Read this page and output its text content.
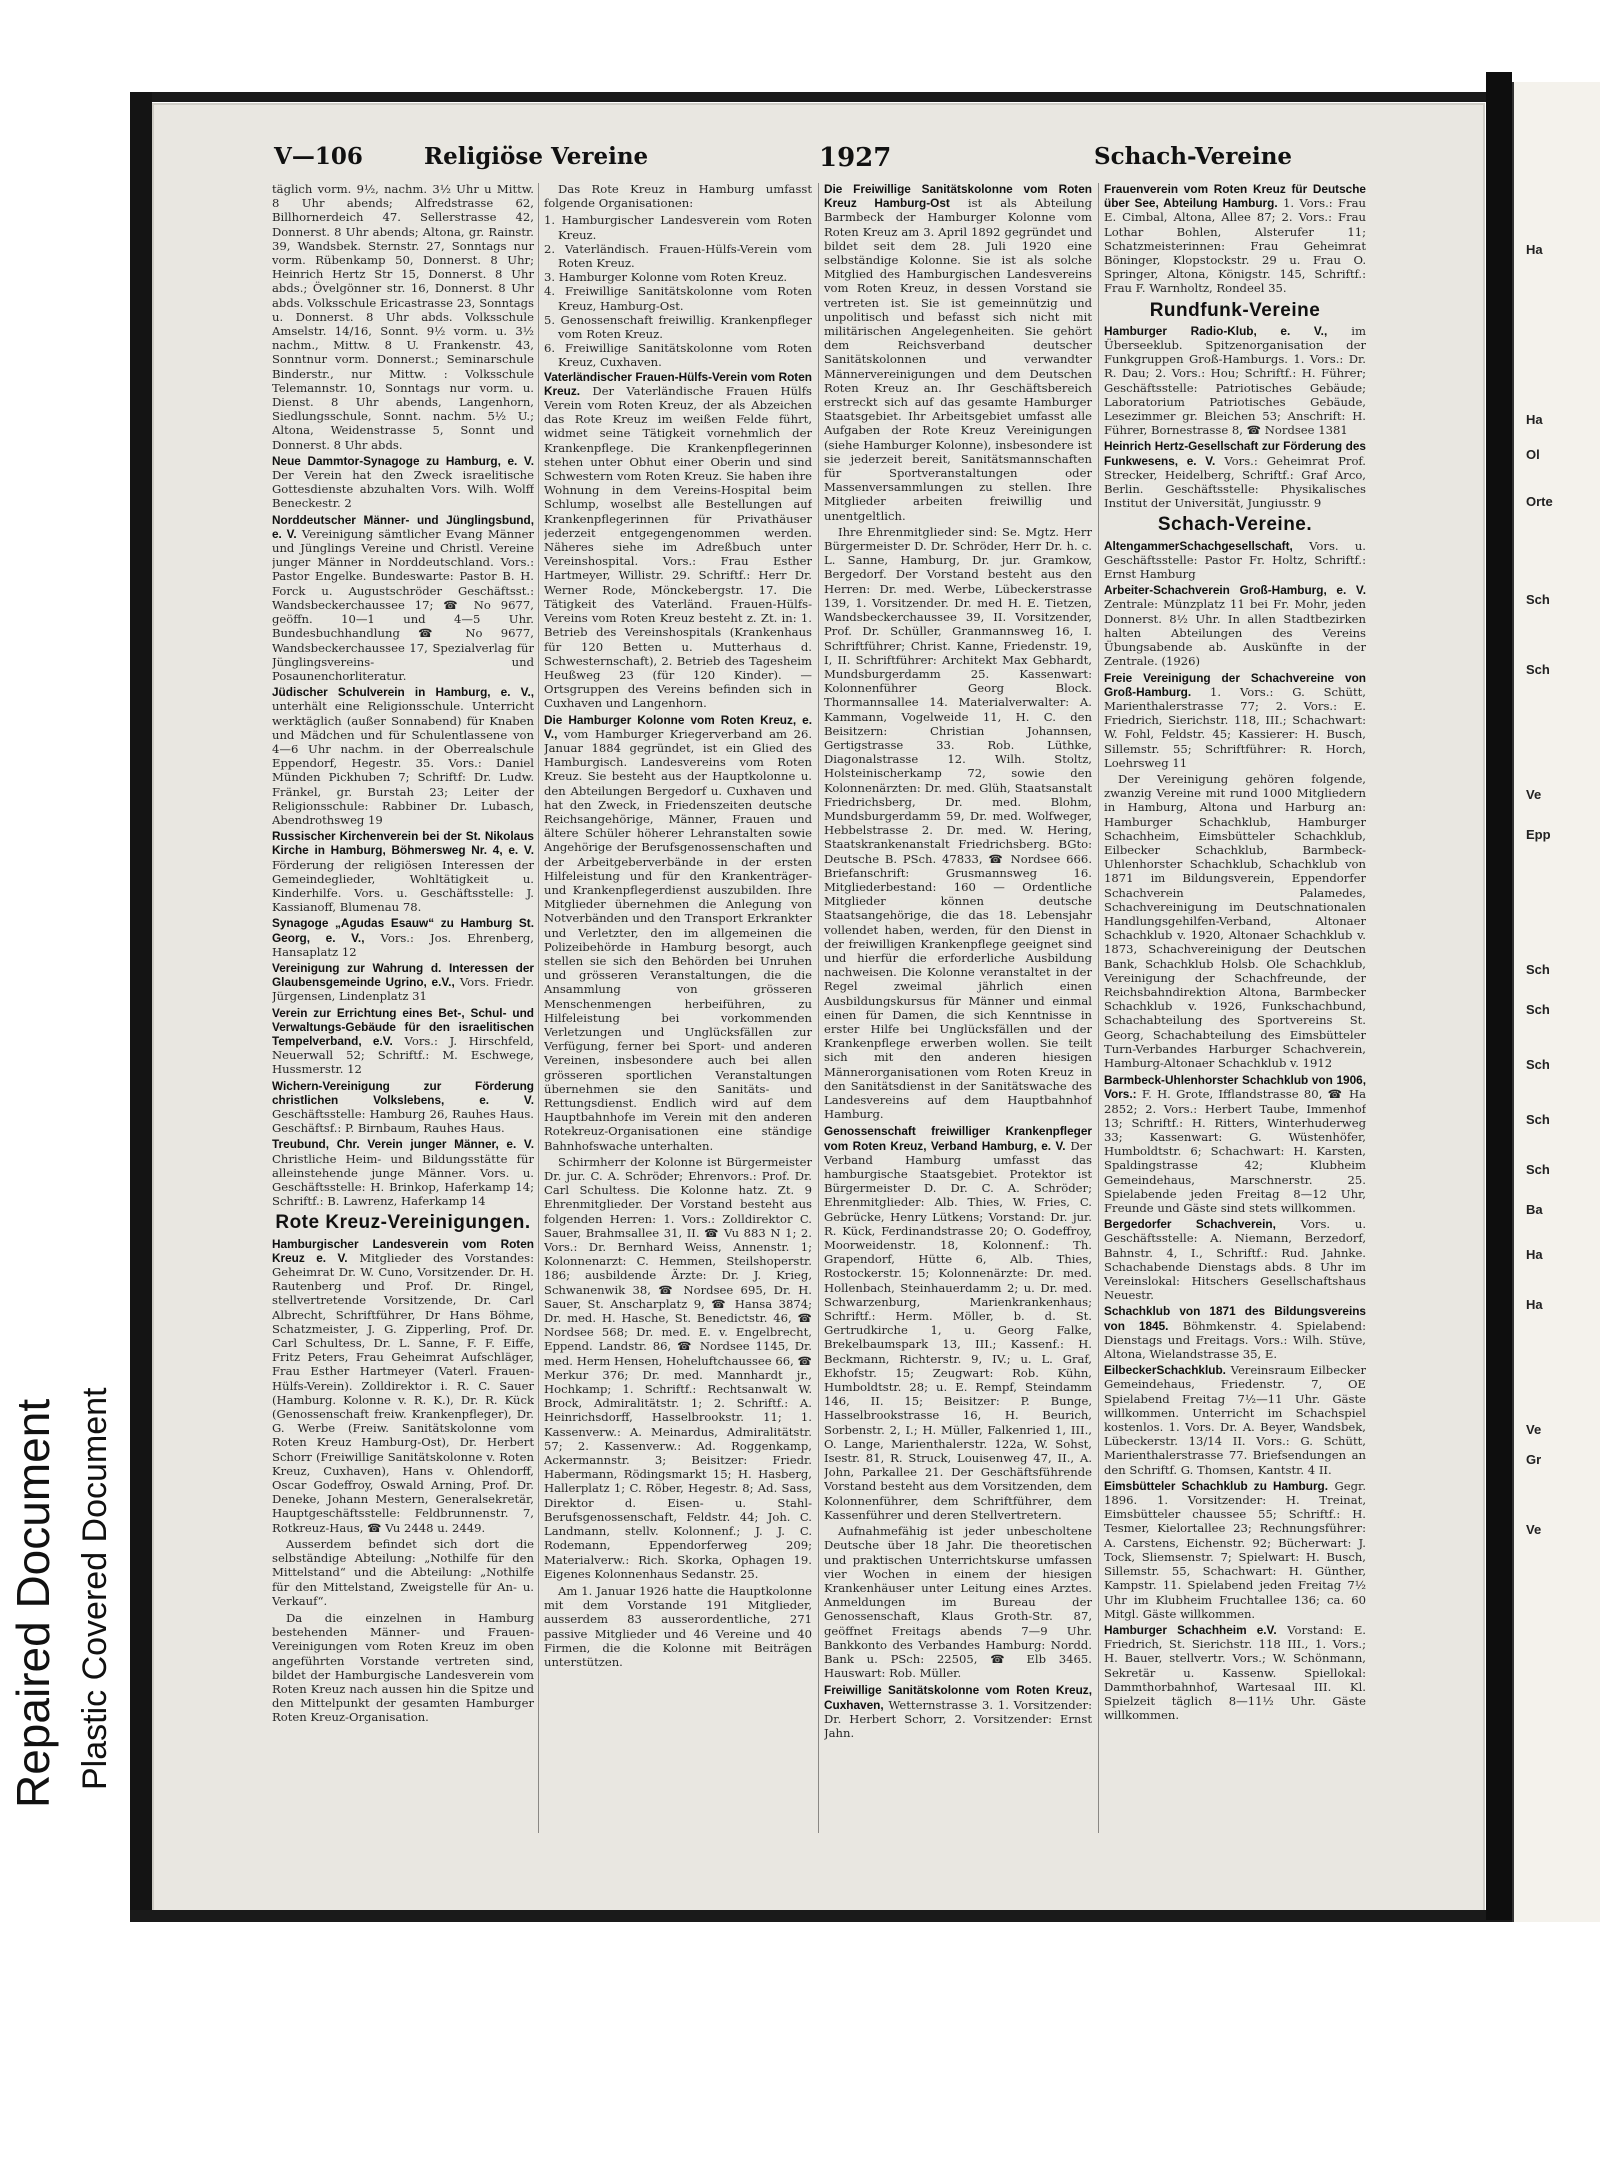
V—106	Religiöse Vereine	1927	Schach-Vereine

täglich vorm. 9½, nachm. 3½ Uhr u Mittw. 8 Uhr abends; Alfredstrasse 62, Billhornerdeich 47. Sellerstrasse 42, Donnerst. 8 Uhr abends; Altona, gr. Rainstr. 39, Wandsbek. Sternstr. 27, Sonntags nur vorm. Rübenkamp 50, Donnerst. 8 Uhr; Heinrich Hertz Str 15, Donnerst. 8 Uhr abds.; Övelgönner str. 16, Donnerst. 8 Uhr abds. Volksschule Ericastrasse 23, Sonntags u. Donnerst. 8 Uhr abds. Volksschule Amselstr. 14/16, Sonnt. 9½ vorm. u. 3½ nachm., Mittw. 8 U. Frankenstr. 43, Sonntnur vorm. Donnerst.; Seminarschule Binderstr., nur Mittw. : Volksschule Telemannstr. 10, Sonntags nur vorm. u. Dienst. 8 Uhr abends, Langenhorn, Siedlungsschule, Sonnt. nachm. 5½ U.; Altona, Weidenstrasse 5, Sonnt und Donnerst. 8 Uhr abds.

Neue Dammtor-Synagoge zu Hamburg, e. V. Der Verein hat den Zweck israelitische Gottesdienste abzuhalten Vors. Wilh. Wolff Beneckestr. 2

Norddeutscher Männer- und Jünglingsbund, e. V. Vereinigung sämtlicher Evang Männer und Jünglings Vereine und Christl. Vereine junger Männer in Norddeutschland. Vors.: Pastor Engelke. Bundeswarte: Pastor B. H. Forck u. Augustschröder Geschäftsst.: Wandsbeckerchaussee 17; ☎ No 9677, geöffn. 10—1 und 4—5 Uhr. Bundesbuchhandlung ☎ No 9677, Wandsbeckerchaussee 17, Spezialverlag für Jünglingsvereins- und Posaunenchorliteratur.

Jüdischer Schulverein in Hamburg, e. V., unterhält eine Religionsschule. Unterricht werktäglich (außer Sonnabend) für Knaben und Mädchen und für Schulentlassene von 4—6 Uhr nachm. in der Oberrealschule Eppendorf, Hegestr. 35. Vors.: Daniel Münden Pickhuben 7; Schriftf: Dr. Ludw. Fränkel, gr. Burstah 23; Leiter der Religionsschule: Rabbiner Dr. Lubasch, Abendrothsweg 19

Russischer Kirchenverein bei der St. Nikolaus Kirche in Hamburg, Böhmersweg Nr. 4, e. V. Förderung der religiösen Interessen der Gemeindeglieder, Wohltätigkeit u. Kinderhilfe. Vors. u. Geschäftsstelle: J. Kassianoff, Blumenau 78.

Synagoge „Agudas Esauw“ zu Hamburg St. Georg, e. V., Vors.: Jos. Ehrenberg, Hansaplatz 12

Vereinigung zur Wahrung d. Interessen der Glaubensgemeinde Ugrino, e.V., Vors. Friedr. Jürgensen, Lindenplatz 31

Verein zur Errichtung eines Bet-, Schul- und Verwaltungs-Gebäude für den israelitischen Tempelverband, e.V. Vors.: J. Hirschfeld, Neuerwall 52; Schriftf.: M. Eschwege, Hussmerstr. 12

Wichern-Vereinigung zur Förderung christlichen Volkslebens, e. V. Geschäftsstelle: Hamburg 26, Rauhes Haus. Geschäftsf.: P. Birnbaum, Rauhes Haus.

Treubund, Chr. Verein junger Männer, e. V. Christliche Heim- und Bildungsstätte für alleinstehende junge Männer. Vors. u. Geschäftsstelle: H. Brinkop, Haferkamp 14; Schriftf.: B. Lawrenz, Haferkamp 14

Rote Kreuz-Vereinigungen.

Hamburgischer Landesverein vom Roten Kreuz e. V. Mitglieder des Vorstandes: Geheimrat Dr. W. Cuno, Vorsitzender. Dr. H. Rautenberg und Prof. Dr. Ringel, stellvertretende Vorsitzende, Dr. Carl Albrecht, Schriftführer, Dr Hans Böhme, Schatzmeister, J. G. Zipperling, Prof. Dr. Carl Schultess, Dr. L. Sanne, F. F. Eiffe, Fritz Peters, Frau Geheimrat Aufschläger, Frau Esther Hartmeyer (Vaterl. Frauen-Hülfs-Verein). Zolldirektor i. R. C. Sauer (Hamburg. Kolonne v. R. K.), Dr. R. Kück (Genossenschaft freiw. Krankenpfleger), Dr. G. Werbe (Freiw. Sanitätskolonne vom Roten Kreuz Hamburg-Ost), Dr. Herbert Schorr (Freiwillige Sanitätskolonne v. Roten Kreuz, Cuxhaven), Hans v. Ohlendorff, Oscar Godeffroy, Oswald Arning, Prof. Dr. Deneke, Johann Mestern, Generalsekretär, Hauptgeschäftsstelle: Feldbrunnenstr. 7, Rotkreuz-Haus, ☎ Vu 2448 u. 2449.

Ausserdem befindet sich dort die selbständige Abteilung: „Nothilfe für den Mittelstand“ und die Abteilung: „Nothilfe für den Mittelstand, Zweigstelle für An- u. Verkauf“.

Da die einzelnen in Hamburg bestehenden Männer- und Frauen-Vereinigungen vom Roten Kreuz im oben angeführten Vorstande vertreten sind, bildet der Hamburgische Landesverein vom Roten Kreuz nach aussen hin die Spitze und den Mittelpunkt der gesamten Hamburger Roten Kreuz-Organisation.

Das Rote Kreuz in Hamburg umfasst folgende Organisationen:

1. Hamburgischer Landesverein vom Roten Kreuz.
2. Vaterländisch. Frauen-Hülfs-Verein vom Roten Kreuz.
3. Hamburger Kolonne vom Roten Kreuz.
4. Freiwillige Sanitätskolonne vom Roten Kreuz, Hamburg-Ost.
5. Genossenschaft freiwillig. Krankenpfleger vom Roten Kreuz.
6. Freiwillige Sanitätskolonne vom Roten Kreuz, Cuxhaven.

Vaterländischer Frauen-Hülfs-Verein vom Roten Kreuz. Der Vaterländische Frauen Hülfs Verein vom Roten Kreuz, der als Abzeichen das Rote Kreuz im weißen Felde führt, widmet seine Tätigkeit vornehmlich der Krankenpflege. Die Krankenpflegerinnen stehen unter Obhut einer Oberin und sind Schwestern vom Roten Kreuz. Sie haben ihre Wohnung in dem Vereins-Hospital beim Schlump, woselbst alle Bestellungen auf Krankenpflegerinnen für Privathäuser jederzeit entgegengenommen werden. Näheres siehe im Adreßbuch unter Vereinshospital. Vors.: Frau Esther Hartmeyer, Willistr. 29. Schriftf.: Herr Dr. Werner Rode, Mönckebergstr. 17. Die Tätigkeit des Vaterländ. Frauen-Hülfs-Vereins vom Roten Kreuz besteht z. Zt. in: 1. Betrieb des Vereinshospitals (Krankenhaus für 120 Betten u. Mutterhaus d. Schwesternschaft), 2. Betrieb des Tagesheim Heußweg 23 (für 120 Kinder). — Ortsgruppen des Vereins befinden sich in Cuxhaven und Langenhorn.

Die Hamburger Kolonne vom Roten Kreuz, e. V., vom Hamburger Kriegerverband am 26. Januar 1884 gegründet, ist ein Glied des Hamburgisch. Landesvereins vom Roten Kreuz. Sie besteht aus der Hauptkolonne u. den Abteilungen Bergedorf u. Cuxhaven und hat den Zweck, in Friedenszeiten deutsche Reichsangehörige, Männer, Frauen und ältere Schüler höherer Lehranstalten sowie Angehörige der Berufsgenossenschaften und der Arbeitgeberverbände in der ersten Hilfeleistung und für den Krankenträger- und Krankenpflegerdienst auszubilden. Ihre Mitglieder übernehmen die Anlegung von Notverbänden und den Transport Erkrankter und Verletzter, den im allgemeinen die Polizeibehörde in Hamburg besorgt, auch stellen sie sich den Behörden bei Unruhen und grösseren Veranstaltungen, die die Ansammlung von grösseren Menschenmengen herbeiführen, zu Hilfeleistung bei vorkommenden Verletzungen und Unglücksfällen zur Verfügung, ferner bei Sport- und anderen Vereinen, insbesondere auch bei allen grösseren sportlichen Veranstaltungen übernehmen sie den Sanitäts- und Rettungsdienst. Endlich wird auf dem Hauptbahnhofe im Verein mit den anderen Rotekreuz-Organisationen eine ständige Bahnhofswache unterhalten.

Schirmherr der Kolonne ist Bürgermeister Dr. jur. C. A. Schröder; Ehrenvors.: Prof. Dr. Carl Schultess. Die Kolonne hatz. Zt. 9 Ehrenmitglieder. Der Vorstand besteht aus folgenden Herren: 1. Vors.: Zolldirektor C. Sauer, Brahmsallee 31, II. ☎ Vu 883 N 1; 2. Vors.: Dr. Bernhard Weiss, Annenstr. 1; Kolonnenarzt: C. Hemmen, Steilshoperstr. 186; ausbildende Ärzte: Dr. J. Krieg, Schwanenwik 38, ☎ Nordsee 695, Dr. H. Sauer, St. Anscharplatz 9, ☎ Hansa 3874; Dr. med. H. Hasche, St. Benedictstr. 46, ☎ Nordsee 568; Dr. med. E. v. Engelbrecht, Eppend. Landstr. 86, ☎ Nordsee 1145, Dr. med. Herm Hensen, Hoheluftchaussee 66, ☎ Merkur 376; Dr. med. Mannhardt jr., Hochkamp; 1. Schriftf.: Rechtsanwalt W. Brock, Admiralitätstr. 1; 2. Schriftf.: A. Heinrichsdorff, Hasselbrookstr. 11; 1. Kassenverw.: A. Meinardus, Admiralitätstr. 57; 2. Kassenverw.: Ad. Roggenkamp, Ackermannstr. 3; Beisitzer: Friedr. Habermann, Rödingsmarkt 15; H. Hasberg, Hallerplatz 1; C. Röber, Hegestr. 8; Ad. Sass, Direktor d. Eisen- u. Stahl-Berufsgenossenschaft, Feldstr. 44; Joh. C. Landmann, stellv. Kolonnenf.; J. J. C. Rodemann, Eppendorferweg 209; Materialverw.: Rich. Skorka, Ophagen 19. Eigenes Kolonnenhaus Sedanstr. 25.

Am 1. Januar 1926 hatte die Hauptkolonne mit dem Vorstande 191 Mitglieder, ausserdem 83 ausserordentliche, 271 passive Mitglieder und 46 Vereine und 40 Firmen, die die Kolonne mit Beiträgen unterstützen.

Die Freiwillige Sanitätskolonne vom Roten Kreuz Hamburg-Ost ist als Abteilung Barmbeck der Hamburger Kolonne vom Roten Kreuz am 3. April 1892 gegründet und bildet seit dem 28. Juli 1920 eine selbständige Kolonne. Sie ist als solche Mitglied des Hamburgischen Landesvereins vom Roten Kreuz, in dessen Vorstand sie vertreten ist. Sie ist gemeinnützig und unpolitisch und befasst sich nicht mit militärischen Angelegenheiten. Sie gehört dem Reichsverband deutscher Sanitätskolonnen und verwandter Männervereinigungen und dem Deutschen Roten Kreuz an. Ihr Geschäftsbereich erstreckt sich auf das gesamte Hamburger Staatsgebiet. Ihr Arbeitsgebiet umfasst alle Aufgaben der Rote Kreuz Vereinigungen (siehe Hamburger Kolonne), insbesondere ist sie jederzeit bereit, Sanitätsmannschaften für Sportveranstaltungen oder Massenversammlungen zu stellen. Ihre Mitglieder arbeiten freiwillig und unentgeltlich.

Ihre Ehrenmitglieder sind: Se. Mgtz. Herr Bürgermeister D. Dr. Schröder, Herr Dr. h. c. L. Sanne, Hamburg, Dr. jur. Gramkow, Bergedorf. Der Vorstand besteht aus den Herren: Dr. med. Werbe, Lübeckerstrasse 139, 1. Vorsitzender. Dr. med H. E. Tietzen, Wandsbeckerchaussee 39, II. Vorsitzender, Prof. Dr. Schüller, Granmannsweg 16, I. Schriftführer; Christ. Kanne, Friedenstr. 19, I, II. Schriftführer: Architekt Max Gebhardt, Mundsburgerdamm 25. Kassenwart: Kolonnenführer Georg Block. Thormannsallee 14. Materialverwalter: A. Kammann, Vogelweide 11, H. C. den Beisitzern: Christian Johannsen, Gertigstrasse 33. Rob. Lüthke, Diagonalstrasse 12. Wilh. Stoltz, Holsteinischerkamp 72, sowie den Kolonnenärzten: Dr. med. Glüh, Staatsanstalt Friedrichsberg, Dr. med. Blohm, Mundsburgerdamm 59, Dr. med. Wolfweger, Hebbelstrasse 2. Dr. med. W. Hering, Staatskrankenanstalt Friedrichsberg. BGto: Deutsche B. PSch. 47833, ☎ Nordsee 666. Briefanschrift: Grusmannsweg 16. Mitgliederbestand: 160 — Ordentliche Mitglieder können deutsche Staatsangehörige, die das 18. Lebensjahr vollendet haben, werden, für den Dienst in der freiwilligen Krankenpflege geeignet sind und hierfür die erforderliche Ausbildung nachweisen. Die Kolonne veranstaltet in der Regel zweimal jährlich einen Ausbildungskursus für Männer und einmal einen für Damen, die sich Kenntnisse in erster Hilfe bei Unglücksfällen und der Krankenpflege erwerben wollen. Sie teilt sich mit den anderen hiesigen Männerorganisationen vom Roten Kreuz in den Sanitätsdienst in der Sanitätswache des Landesvereins auf dem Hauptbahnhof Hamburg.

Genossenschaft freiwilliger Krankenpfleger vom Roten Kreuz, Verband Hamburg, e. V. Der Verband Hamburg umfasst das hamburgische Staatsgebiet. Protektor ist Bürgermeister D. Dr. C. A. Schröder; Ehrenmitglieder: Alb. Thies, W. Fries, C. Gebrücke, Henry Lütkens; Vorstand: Dr. jur. R. Kück, Ferdinandstrasse 20; O. Godeffroy, Moorweidenstr. 18, Kolonnenf.: Th. Grapendorf, Hütte 6, Alb. Thies, Rostockerstr. 15; Kolonnenärzte: Dr. med. Hollenbach, Steinhauerdamm 2; u. Dr. med. Schwarzenburg, Marienkrankenhaus; Schriftf.: Herm. Möller, b. d. St. Gertrudkirche 1, u. Georg Falke, Brekelbaumspark 13, III.; Kassenf.: H. Beckmann, Richterstr. 9, IV.; u. L. Graf, Ekhofstr. 15; Zeugwart: Rob. Kühn, Humboldtstr. 28; u. E. Rempf, Steindamm 146, II. 15; Beisitzer: P. Bunge, Hasselbrookstrasse 16, H. Beurich, Sorbenstr. 2, I.; H. Müller, Falkenried 1, III., O. Lange, Marienthalerstr. 122a, W. Sohst, Isestr. 81, R. Struck, Louisenweg 47, II., A. John, Parkallee 21. Der Geschäftsführende Vorstand besteht aus dem Vorsitzenden, dem Kolonnenführer, dem Schriftführer, dem Kassenführer und deren Stellvertretern.

Aufnahmefähig ist jeder unbescholtene Deutsche über 18 Jahr. Die theoretischen und praktischen Unterrichtskurse umfassen vier Wochen in einem der hiesigen Krankenhäuser unter Leitung eines Arztes. Anmeldungen im Bureau der Genossenschaft, Klaus Groth-Str. 87, geöffnet Freitags abends 7—9 Uhr. Bankkonto des Verbandes Hamburg: Nordd. Bank u. PSch: 22505, ☎ Elb 3465. Hauswart: Rob. Müller.

Freiwillige Sanitätskolonne vom Roten Kreuz, Cuxhaven, Wetternstrasse 3. 1. Vorsitzender: Dr. Herbert Schorr, 2. Vorsitzender: Ernst Jahn.

Frauenverein vom Roten Kreuz für Deutsche über See, Abteilung Hamburg. 1. Vors.: Frau E. Cimbal, Altona, Allee 87; 2. Vors.: Frau Lothar Bohlen, Alsterufer 11; Schatzmeisterinnen: Frau Geheimrat Böninger, Klopstockstr. 29 u. Frau O. Springer, Altona, Königstr. 145, Schriftf.: Frau F. Warnholtz, Rondeel 35.

Rundfunk-Vereine

Hamburger Radio-Klub, e. V., im Überseeklub. Spitzenorganisation der Funkgruppen Groß-Hamburgs. 1. Vors.: Dr. R. Dau; 2. Vors.: Hou; Schriftf.: H. Führer; Geschäftsstelle: Patriotisches Gebäude; Laboratorium Patriotisches Gebäude, Lesezimmer gr. Bleichen 53; Anschrift: H. Führer, Bornestrasse 8, ☎ Nordsee 1381

Heinrich Hertz-Gesellschaft zur Förderung des Funkwesens, e. V. Vors.: Geheimrat Prof. Strecker, Heidelberg, Schriftf.: Graf Arco, Berlin. Geschäftsstelle: Physikalisches Institut der Universität, Jungiusstr. 9

Schach-Vereine.

AltengammerSchachgesellschaft, Vors. u. Geschäftsstelle: Pastor Fr. Holtz, Schriftf.: Ernst Hamburg

Arbeiter-Schachverein Groß-Hamburg, e. V. Zentrale: Münzplatz 11 bei Fr. Mohr, jeden Donnerst. 8½ Uhr. In allen Stadtbezirken halten Abteilungen des Vereins Übungsabende ab. Auskünfte in der Zentrale. (1926)

Freie Vereinigung der Schachvereine von Groß-Hamburg. 1. Vors.: G. Schütt, Marienthalerstrasse 77; 2. Vors.: E. Friedrich, Sierichstr. 118, III.; Schachwart: W. Fohl, Feldstr. 45; Kassierer: H. Busch, Sillemstr. 55; Schriftführer: R. Horch, Loehrsweg 11

Der Vereinigung gehören folgende, zwanzig Vereine mit rund 1000 Mitgliedern in Hamburg, Altona und Harburg an: Hamburger Schachklub, Hamburger Schachheim, Eimsbütteler Schachklub, Eilbecker Schachklub, Barmbeck-Uhlenhorster Schachklub, Schachklub von 1871 im Bildungsverein, Eppendorfer Schachverein Palamedes, Schachvereinigung im Deutschnationalen Handlungsgehilfen-Verband, Altonaer Schachklub v. 1920, Altonaer Schachklub v. 1873, Schachvereinigung der Deutschen Bank, Schachklub Holsb. Ole Schachklub, Vereinigung der Schachfreunde, der Reichsbahndirektion Altona, Barmbecker Schachklub v. 1926, Funkschachbund, Schachabteilung des Sportvereins St. Georg, Schachabteilung des Eimsbütteler Turn-Verbandes Harburger Schachverein, Hamburg-Altonaer Schachklub v. 1912

Barmbeck-Uhlenhorster Schachklub von 1906, Vors.: F. H. Grote, Ifflandstrasse 80, ☎ Ha 2852; 2. Vors.: Herbert Taube, Immenhof 13; Schriftf.: H. Ritters, Winterhuderweg 33; Kassenwart: G. Wüstenhöfer, Humboldtstr. 6; Schachwart: H. Karsten, Spaldingstrasse 42; Klubheim Gemeindehaus, Marschnerstr. 25. Spielabende jeden Freitag 8—12 Uhr, Freunde und Gäste sind stets willkommen.

Bergedorfer Schachverein, Vors. u. Geschäftsstelle: A. Niemann, Berzedorf, Bahnstr. 4, I., Schriftf.: Rud. Jahnke. Schachabende Dienstags abds. 8 Uhr im Vereinslokal: Hitschers Gesellschaftshaus Neuestr.

Schachklub von 1871 des Bildungsvereins von 1845. Böhmkenstr. 4. Spielabend: Dienstags und Freitags. Vors.: Wilh. Stüve, Altona, Wielandstrasse 35, E.

EilbeckerSchachklub. Vereinsraum Eilbecker Gemeindehaus, Friedenstr. 7, OE Spielabend Freitag 7½—11 Uhr. Gäste willkommen. Unterricht im Schachspiel kostenlos. 1. Vors. Dr. A. Beyer, Wandsbek, Lübeckerstr. 13/14 II. Vors.: G. Schütt, Marienthalerstrasse 77. Briefsendungen an den Schriftf. G. Thomsen, Kantstr. 4 II.

Eimsbütteler Schachklub zu Hamburg. Gegr. 1896. 1. Vorsitzender: H. Treinat, Eimsbütteler chaussee 55; Schriftf.: H. Tesmer, Kielortallee 23; Rechnungsführer: A. Carstens, Eichenstr. 92; Bücherwart: J. Tock, Sliemsenstr. 7; Spielwart: H. Busch, Sillemstr. 55, Schachwart: H. Günther, Kampstr. 11. Spielabend jeden Freitag 7½ Uhr im Klubheim Fruchtallee 136; ca. 60 Mitgl. Gäste willkommen.

Hamburger Schachheim e.V. Vorstand: E. Friedrich, St. Sierichstr. 118 III., 1. Vors.; H. Bauer, stellvertr. Vors.; W. Schönmann, Sekretär u. Kassenw. Spiellokal: Dammthorbahnhof, Wartesaal III. Kl. Spielzeit täglich 8—11½ Uhr. Gäste willkommen.

Ha
Ha
Ol
Orte
Sch
Sch
Ve
Epp
Sch
Sch
Sch
Sch
Sch
Ba
Ha
Ha
Ve
Gr
Ve
Repaired Document Plastic Covered Document
